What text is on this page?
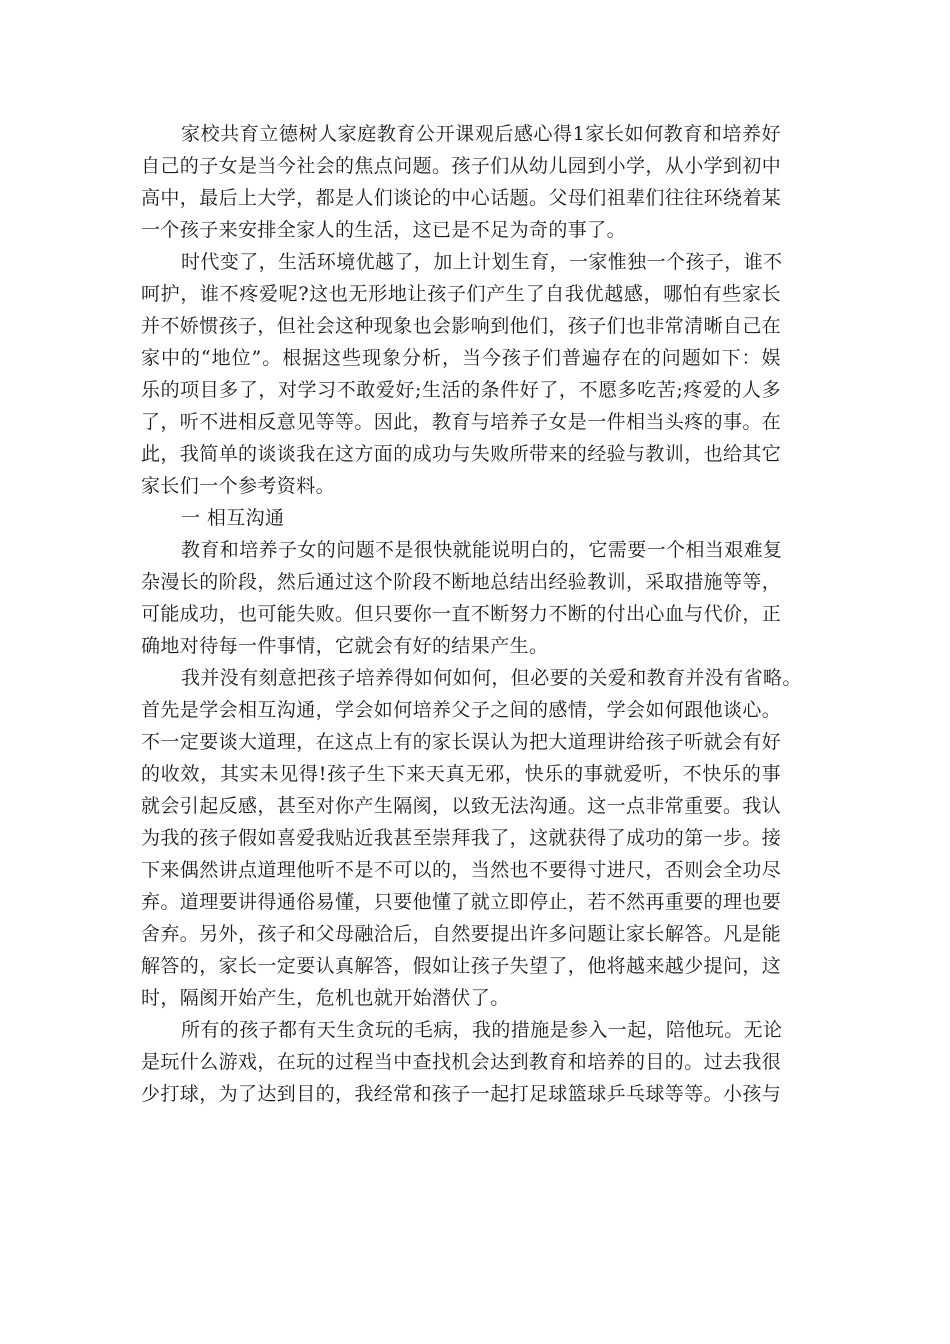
家校共育立德树人家庭教育公开课观后感心得1家长如何教育和培养好
自己的子女是当今社会的焦点问题。孩子们从幼儿园到小学，从小学到初中
高中，最后上大学，都是人们谈论的中心话题。父母们祖辈们往往环绕着某
一个孩子来安排全家人的生活，这已是不足为奇的事了。
时代变了，生活环境优越了，加上计划生育，一家惟独一个孩子，谁不
呵护，谁不疼爱呢?这也无形地让孩子们产生了自我优越感，哪怕有些家长
并不娇惯孩子，但社会这种现象也会影响到他们，孩子们也非常清晰自己在
家中的“地位”。根据这些现象分析，当今孩子们普遍存在的问题如下：娱
乐的项目多了，对学习不敢爱好;生活的条件好了，不愿多吃苦;疼爱的人多
了，听不进相反意见等等。因此，教育与培养子女是一件相当头疼的事。在
此，我简单的谈谈我在这方面的成功与失败所带来的经验与教训，也给其它
家长们一个参考资料。
一 相互沟通
教育和培养子女的问题不是很快就能说明白的，它需要一个相当艰难复
杂漫长的阶段，然后通过这个阶段不断地总结出经验教训，采取措施等等，
可能成功，也可能失败。但只要你一直不断努力不断的付出心血与代价，正
确地对待每一件事情，它就会有好的结果产生。
我并没有刻意把孩子培养得如何如何，但必要的关爱和教育并没有省略。
首先是学会相互沟通，学会如何培养父子之间的感情，学会如何跟他谈心。
不一定要谈大道理，在这点上有的家长误认为把大道理讲给孩子听就会有好
的收效，其实未见得!孩子生下来天真无邪，快乐的事就爱听，不快乐的事
就会引起反感，甚至对你产生隔阂，以致无法沟通。这一点非常重要。我认
为我的孩子假如喜爱我贴近我甚至崇拜我了，这就获得了成功的第一步。接
下来偶然讲点道理他听不是不可以的，当然也不要得寸进尺，否则会全功尽
弃。道理要讲得通俗易懂，只要他懂了就立即停止，若不然再重要的理也要
舍弃。另外，孩子和父母融洽后，自然要提出许多问题让家长解答。凡是能
解答的，家长一定要认真解答，假如让孩子失望了，他将越来越少提问，这
时，隔阂开始产生，危机也就开始潜伏了。
所有的孩子都有天生贪玩的毛病，我的措施是参入一起，陪他玩。无论
是玩什么游戏，在玩的过程当中查找机会达到教育和培养的目的。过去我很
少打球，为了达到目的，我经常和孩子一起打足球篮球乒乓球等等。小孩与
